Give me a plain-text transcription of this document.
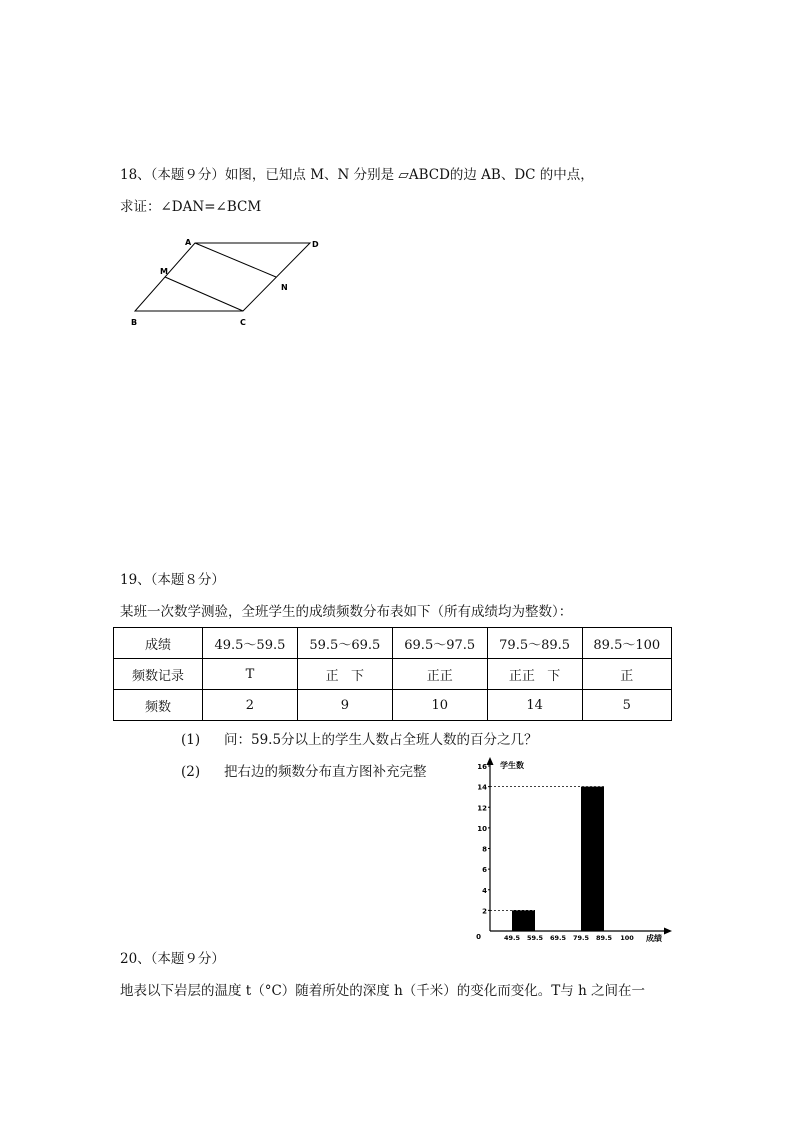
18、（本题９分）如图，已知点 M、N 分别是 ▱ABCD的边 AB、DC 的中点，
求证：∠DAN=∠BCM
A	D
M
N
B	C
19、（本题８分）
某班一次数学测验，全班学生的成绩频数分布表如下（所有成绩均为整数）：
成绩	49.5～59.5	59.5～69.5	69.5～97.5	79.5～89.5	89.5～100
频数记录	T	正   下	正正	正正   下	正
频数	2	9	10	14	5
(1) 问：59.5分以上的学生人数占全班人数的百分之几？
(2) 把右边的频数分布直方图补充完整	学生数
成绩
0
2
4
6
8
10
12
14
16
49.5 59.5 69.5 79.5 89.5 100
20、（本题９分）
地表以下岩层的温度 t（°C）随着所处的深度 h（千米）的变化而变化。T与 h 之间在一
